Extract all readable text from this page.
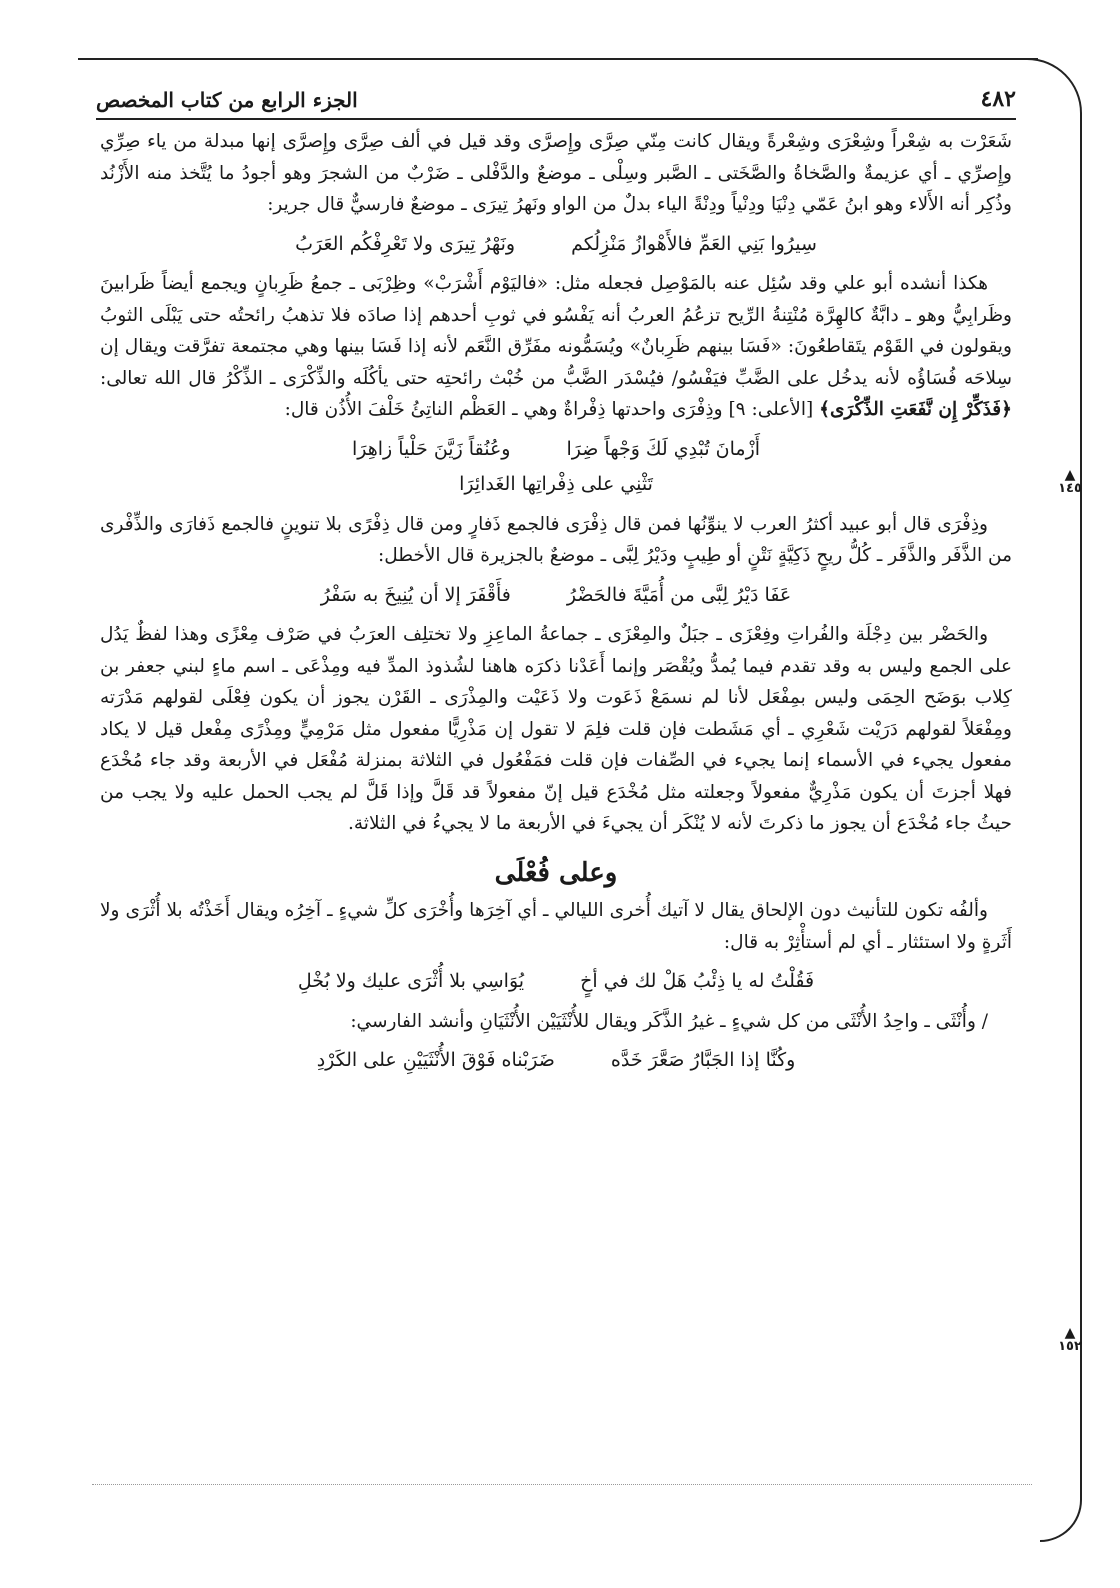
٤٨٢
الجزء الرابع من كتاب المخصص
▲
١٤٥
▲
١٥٢

شَعَرْت به شِعْراً وشِعْرَى وشِعْرةً ويقال كانت مِنّي صِرَّى وإِصرَّى وقد قيل في ألف صِرَّى وإِصرَّى إنها مبدلة من ياء صِرِّي وإِصرِّي ـ أي عزيمةٌ والصَّخاةُ والصَّخَتى ـ الصَّبر وسِلْى ـ موضعٌ والدَّفْلى ـ ضَرْبٌ من الشجرَ وهو أجودُ ما يُتَّخذ منه الأَزْنُد وذُكِر أنه الأَلاء وهو ابنُ عَمّي دِنْيَا ودِنْياً ودِنْةً الياء بدلٌ من الواو ونَهرُ تِيرَى ـ موضعٌ فارسيٌّ قال جرير:

سِيرُوا بَنِي العَمِّ فالأَهْوازُ مَنْزِلُكم
ونَهْرُ تِيرَى ولا تَعْرِفْكُم العَرَبُ

هكذا أنشده أبو علي وقد سُئِل عنه بالمَوْصِل فجعله مثل: «فاليَوْم أَشْرَبْ» وظِرْبَى ـ جمعُ ظَرِبانٍ ويجمع أيضاً ظَرابينَ وظَرابِيُّ وهو ـ دابَّةٌ كالهِرَّة مُنْتِنةُ الرِّيح تزعُمُ العربُ أنه يَفْسُو في ثوبِ أحدهم إذا صادَه فلا تذهبُ رائحتُه حتى يَبْلَى الثوبُ ويقولون في القَوْم يتَقاطعُونَ: «فَسَا بينهم ظَرِبانٌ» ويُسَمُّونه مفَرِّق النَّعَم لأنه إذا فَسَا بينها وهي مجتمعة تفرَّقت ويقال إن سِلاحَه فُسَاؤُه لأنه يدخُل على الضَّبِّ فيَفْسُو/ فيُسْدَر الضَّبُّ من خُبْث رائحتِه حتى يأكُلَه والذِّكْرَى ـ الذِّكْرُ قال الله تعالى: ﴿فَذَكِّرْ إِن نَّفَعَتِ الذِّكْرَى﴾ [الأعلى: ٩] وذِفْرَى واحدتها ذِفْراةٌ وهي ـ العَظْم الناتِئُ خَلْفَ الأُذُن قال:

أَزْمانَ تُبْدِي لَكَ وَجْهاً ضِرَا
وعُنُقاً زَيَّنَ حَلْياً زاهِرَا
تَثْنِي على ذِفْراتِها الغَدائِرَا

وذِفْرَى قال أبو عبيد أكثرُ العرب لا ينوِّنُها فمن قال ذِفْرَى فالجمع ذَفارٍ ومن قال ذِفْرًى بلا تنوينٍ فالجمع ذَفارَى والذِّفْرى من الذَّفَر والذَّفَر ـ كُلُّ ريحٍ ذَكِيَّةٍ نَتْنٍ أو طِيبٍ ودَيْرُ لِبَّى ـ موضعٌ بالجزيرة قال الأخطل:

عَفَا دَيْرُ لِبَّى من أُمَيَّةَ فالحَضْرُ
فأَقْفَرَ إلا أن يُنِيخَ به سَفْرُ

والحَضْر بين دِجْلَة والفُراتِ وفِعْزَى ـ جبَلٌ والمِعْزَى ـ جماعةُ الماعِزِ ولا تختلِف العرَبُ في صَرْف مِعْزًى وهذا لفظٌ يَدُل على الجمع وليس به وقد تقدم فيما يُمدُّ ويُقْصَر وإنما أَعَدْنا ذكرَه هاهنا لشُذوذ المدِّ فيه ومِذْعَى ـ اسم ماءٍ لبني جعفر بن كِلاب بوَضَح الحِمَى وليس بمِفْعَل لأنا لم نسمَعْ ذَعَوت ولا ذَعَيْت والمِذْرَى ـ القَرْن يجوز أن يكون فِعْلَى لقولهم مَدْرَته ومِفْعَلاً لقولهم دَرَيْت شَعْرِي ـ أي مَشَطت فإن قلت فلِمَ لا تقول إن مَذْرِيًّا مفعول مثل مَرْمِيٍّ ومِذْرًى مِفْعل قيل لا يكاد مفعول يجيء في الأسماء إنما يجيء في الصِّفات فإن قلت فمَفْعُول في الثلاثة بمنزلة مُفْعَل في الأربعة وقد جاء مُخْدَع فهلا أجزتَ أن يكون مَذْرِيٌّ مفعولاً وجعلته مثل مُخْدَع قيل إنّ مفعولاً قد قَلَّ وإذا قَلَّ لم يجب الحمل عليه ولا يجب من حيثُ جاء مُخْدَع أن يجوز ما ذكرتَ لأنه لا يُنْكَر أن يجيءَ في الأربعة ما لا يجيءُ في الثلاثة.

وعلى فُعْلَى

وألفُه تكون للتأنيث دون الإلحاق يقال لا آتيك أُخرى الليالي ـ أي آخِرَها وأُخْرَى كلِّ شيءٍ ـ آخِرُه ويقال أَخَذْتُه بلا أُثْرَى ولا أَثَرةٍ ولا استئثار ـ أي لم أستأْثِرْ به قال:

فَقُلْتُ له يا ذِئْبُ هَلْ لك في أخٍ
يُوَاسِي بلا أُثْرَى عليك ولا بُخْلِ

/ وأُنْثَى ـ واحِدُ الأُنْثَى من كل شيءٍ ـ غيرُ الذَّكَر ويقال للأُنْثَيَيْن الأُنْثَيَانِ وأنشد الفارسي:

وكُنَّا إذا الجَبَّارُ صَعَّرَ خَدَّه
ضَرَبْناه فَوْقَ الأُنْثَيَيْنِ على الكَرْدِ
